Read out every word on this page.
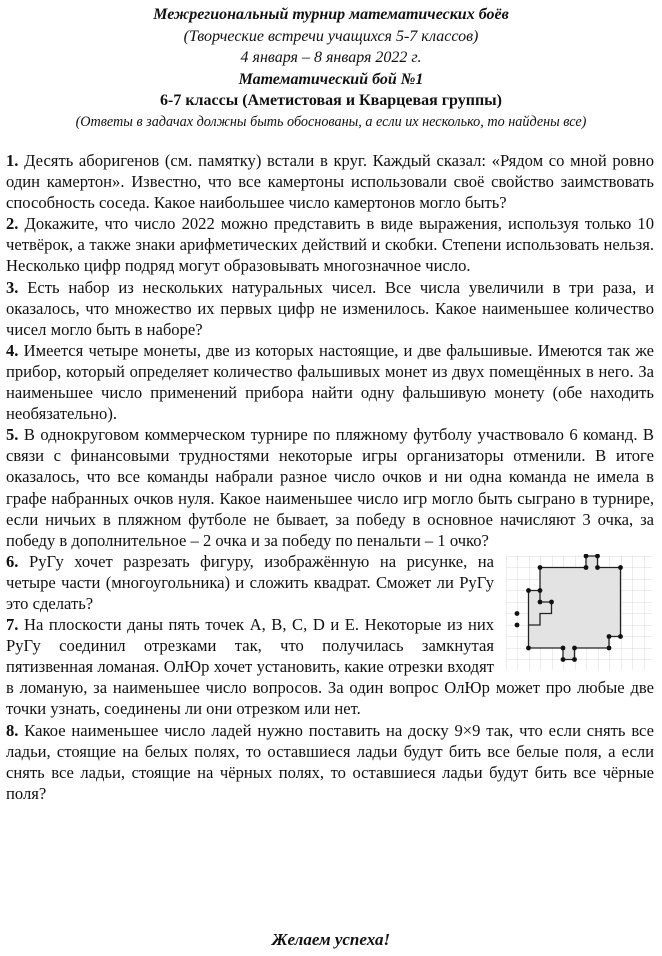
Межрегиональный турнир математических боёв
(Творческие встречи учащихся 5-7 классов)
4 января – 8 января 2022 г.
Математический бой №1
6-7 классы (Аметистовая и Кварцевая группы)
(Ответы в задачах должны быть обоснованы, а если их несколько, то найдены все)

1. Десять аборигенов (см. памятку) встали в круг. Каждый сказал: «Рядом со мной ровно один камертон». Известно, что все камертоны использовали своё свойство заимствовать способность соседа. Какое наибольшее число камертонов могло быть?

2. Докажите, что число 2022 можно представить в виде выражения, используя только 10 четвёрок, а также знаки арифметических действий и скобки. Степени использовать нельзя. Несколько цифр подряд могут образовывать многозначное число.

3. Есть набор из нескольких натуральных чисел. Все числа увеличили в три раза, и оказалось, что множество их первых цифр не изменилось. Какое наименьшее количество чисел могло быть в наборе?

4. Имеется четыре монеты, две из которых настоящие, и две фальшивые. Имеются так же прибор, который определяет количество фальшивых монет из двух помещённых в него. За наименьшее число применений прибора найти одну фальшивую монету (обе находить необязательно).

5. В однокруговом коммерческом турнире по пляжному футболу участвовало 6 команд. В связи с финансовыми трудностями некоторые игры организаторы отменили. В итоге оказалось, что все команды набрали разное число очков и ни одна команда не имела в графе набранных очков нуля. Какое наименьшее число игр могло быть сыграно в турнире, если ничьих в пляжном футболе не бывает, за победу в основное начисляют 3 очка, за победу в дополнительное – 2 очка и за победу по пенальти – 1 очко?

6. РуГу хочет разрезать фигуру, изображённую на рисунке, на четыре части (многоугольника) и сложить квадрат. Сможет ли РуГу это сделать?

7. На плоскости даны пять точек A, B, C, D и E. Некоторые из них РуГу соединил отрезками так, что получилась замкнутая пятизвенная ломаная. ОлЮр хочет установить, какие отрезки входят в ломаную, за наименьшее число вопросов. За один вопрос ОлЮр может про любые две точки узнать, соединены ли они отрезком или нет.

8. Какое наименьшее число ладей нужно поставить на доску 9×9 так, что если снять все ладьи, стоящие на белых полях, то оставшиеся ладьи будут бить все белые поля, а если снять все ладьи, стоящие на чёрных полях, то оставшиеся ладьи будут бить все чёрные поля?

Желаем успеха!
